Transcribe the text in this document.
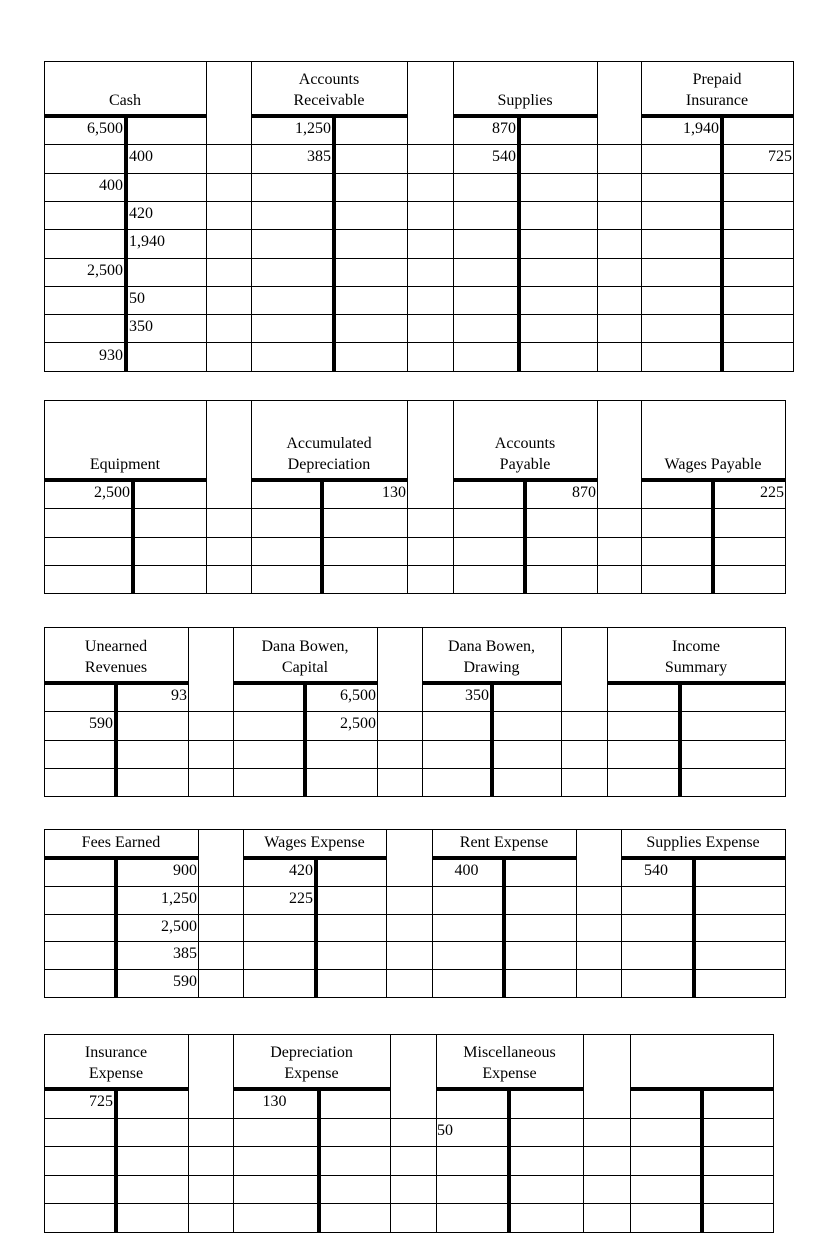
Cash
6,500
400
2,500
930
400
420
1,940
50
350
Accounts
Receivable
1,250
385
Supplies
870
540
Prepaid
Insurance
1,940
725
Equipment
2,500
Accumulated
Depreciation
130
Accounts
Payable
870
Wages Payable
225
Unearned
Revenues
590
93
Dana Bowen,
Capital
6,500
2,500
Dana Bowen,
Drawing
350
Income
Summary
Fees Earned
900
1,250
2,500
385
590
Wages Expense
420
225
Rent Expense
400
Supplies Expense
540
Insurance
Expense
725
Depreciation
Expense
130
Miscellaneous
Expense
50
